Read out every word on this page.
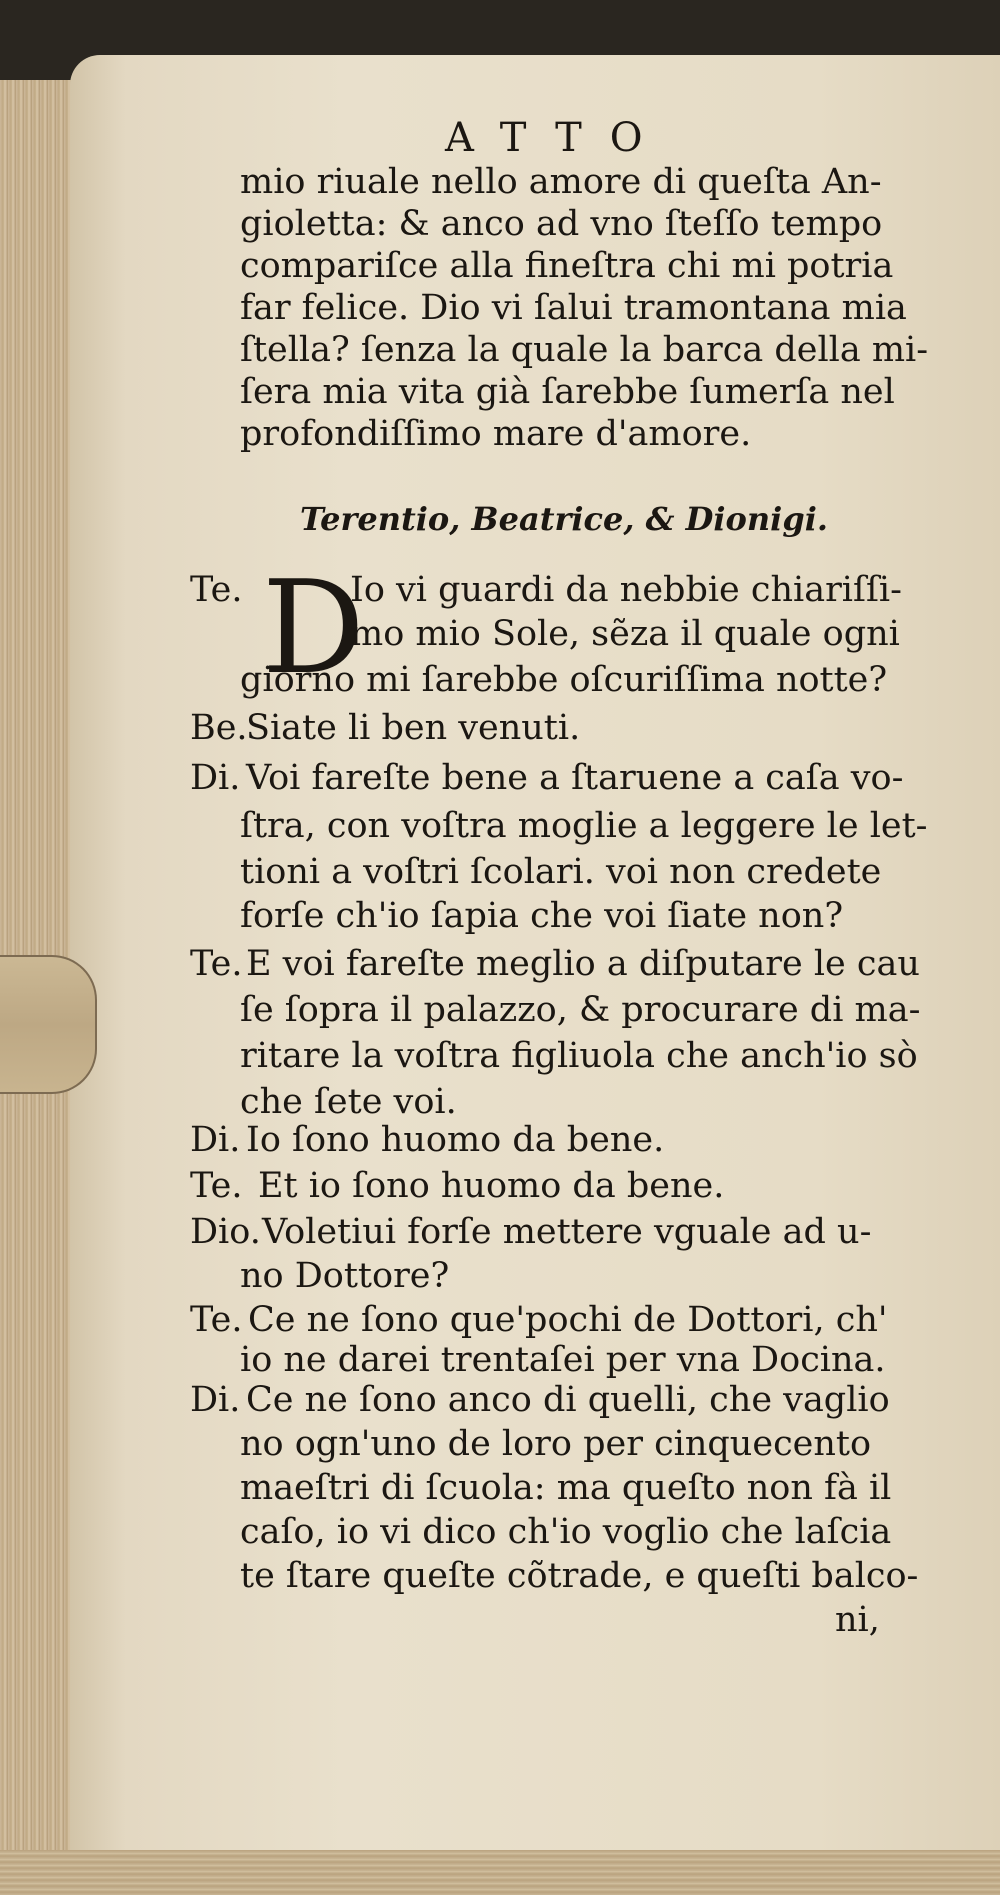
ATTO
mio riuale nello amore di queſta An-
gioletta: & anco ad vno ſteſſo tempo
compariſce alla fineſtra chi mi potria
far felice. Dio vi ſalui tramontana mia
ſtella? ſenza la quale la barca della mi-
ſera mia vita già ſarebbe ſumerſa nel
profondiſſimo mare d'amore.
Terentio, Beatrice, & Dionigi.
D
Te.	Io vi guardi da nebbie chiariſſi-
mo mio Sole, sẽza il quale ogni
giorno mi ſarebbe oſcuriſſima notte?
Be.
Siate li ben venuti.
Di. Voi fareſte bene a ſtaruene a caſa vo-
ſtra, con voſtra moglie a leggere le let-
tioni a voſtri ſcolari. voi non credete
forſe ch'io ſapia che voi ſiate non?
Te. E voi fareſte meglio a diſputare le cau
ſe ſopra il palazzo, & procurare di ma-
ritare la voſtra figliuola che anch'io sò
che ſete voi.
Di. Io ſono huomo da bene.
Te. Et io ſono huomo da bene.
Dio. Voletiui forſe mettere vguale ad u-
no Dottore?
Te. Ce ne ſono que'pochi de Dottori, ch'
io ne darei trentaſei per vna Docina.
Di. Ce ne ſono anco di quelli, che vaglio
no ogn'uno de loro per cinquecento
maeſtri di ſcuola: ma queſto non fà il
caſo, io vi dico ch'io voglio che laſcia
te ſtare queſte cõtrade, e queſti balco-
ni,
